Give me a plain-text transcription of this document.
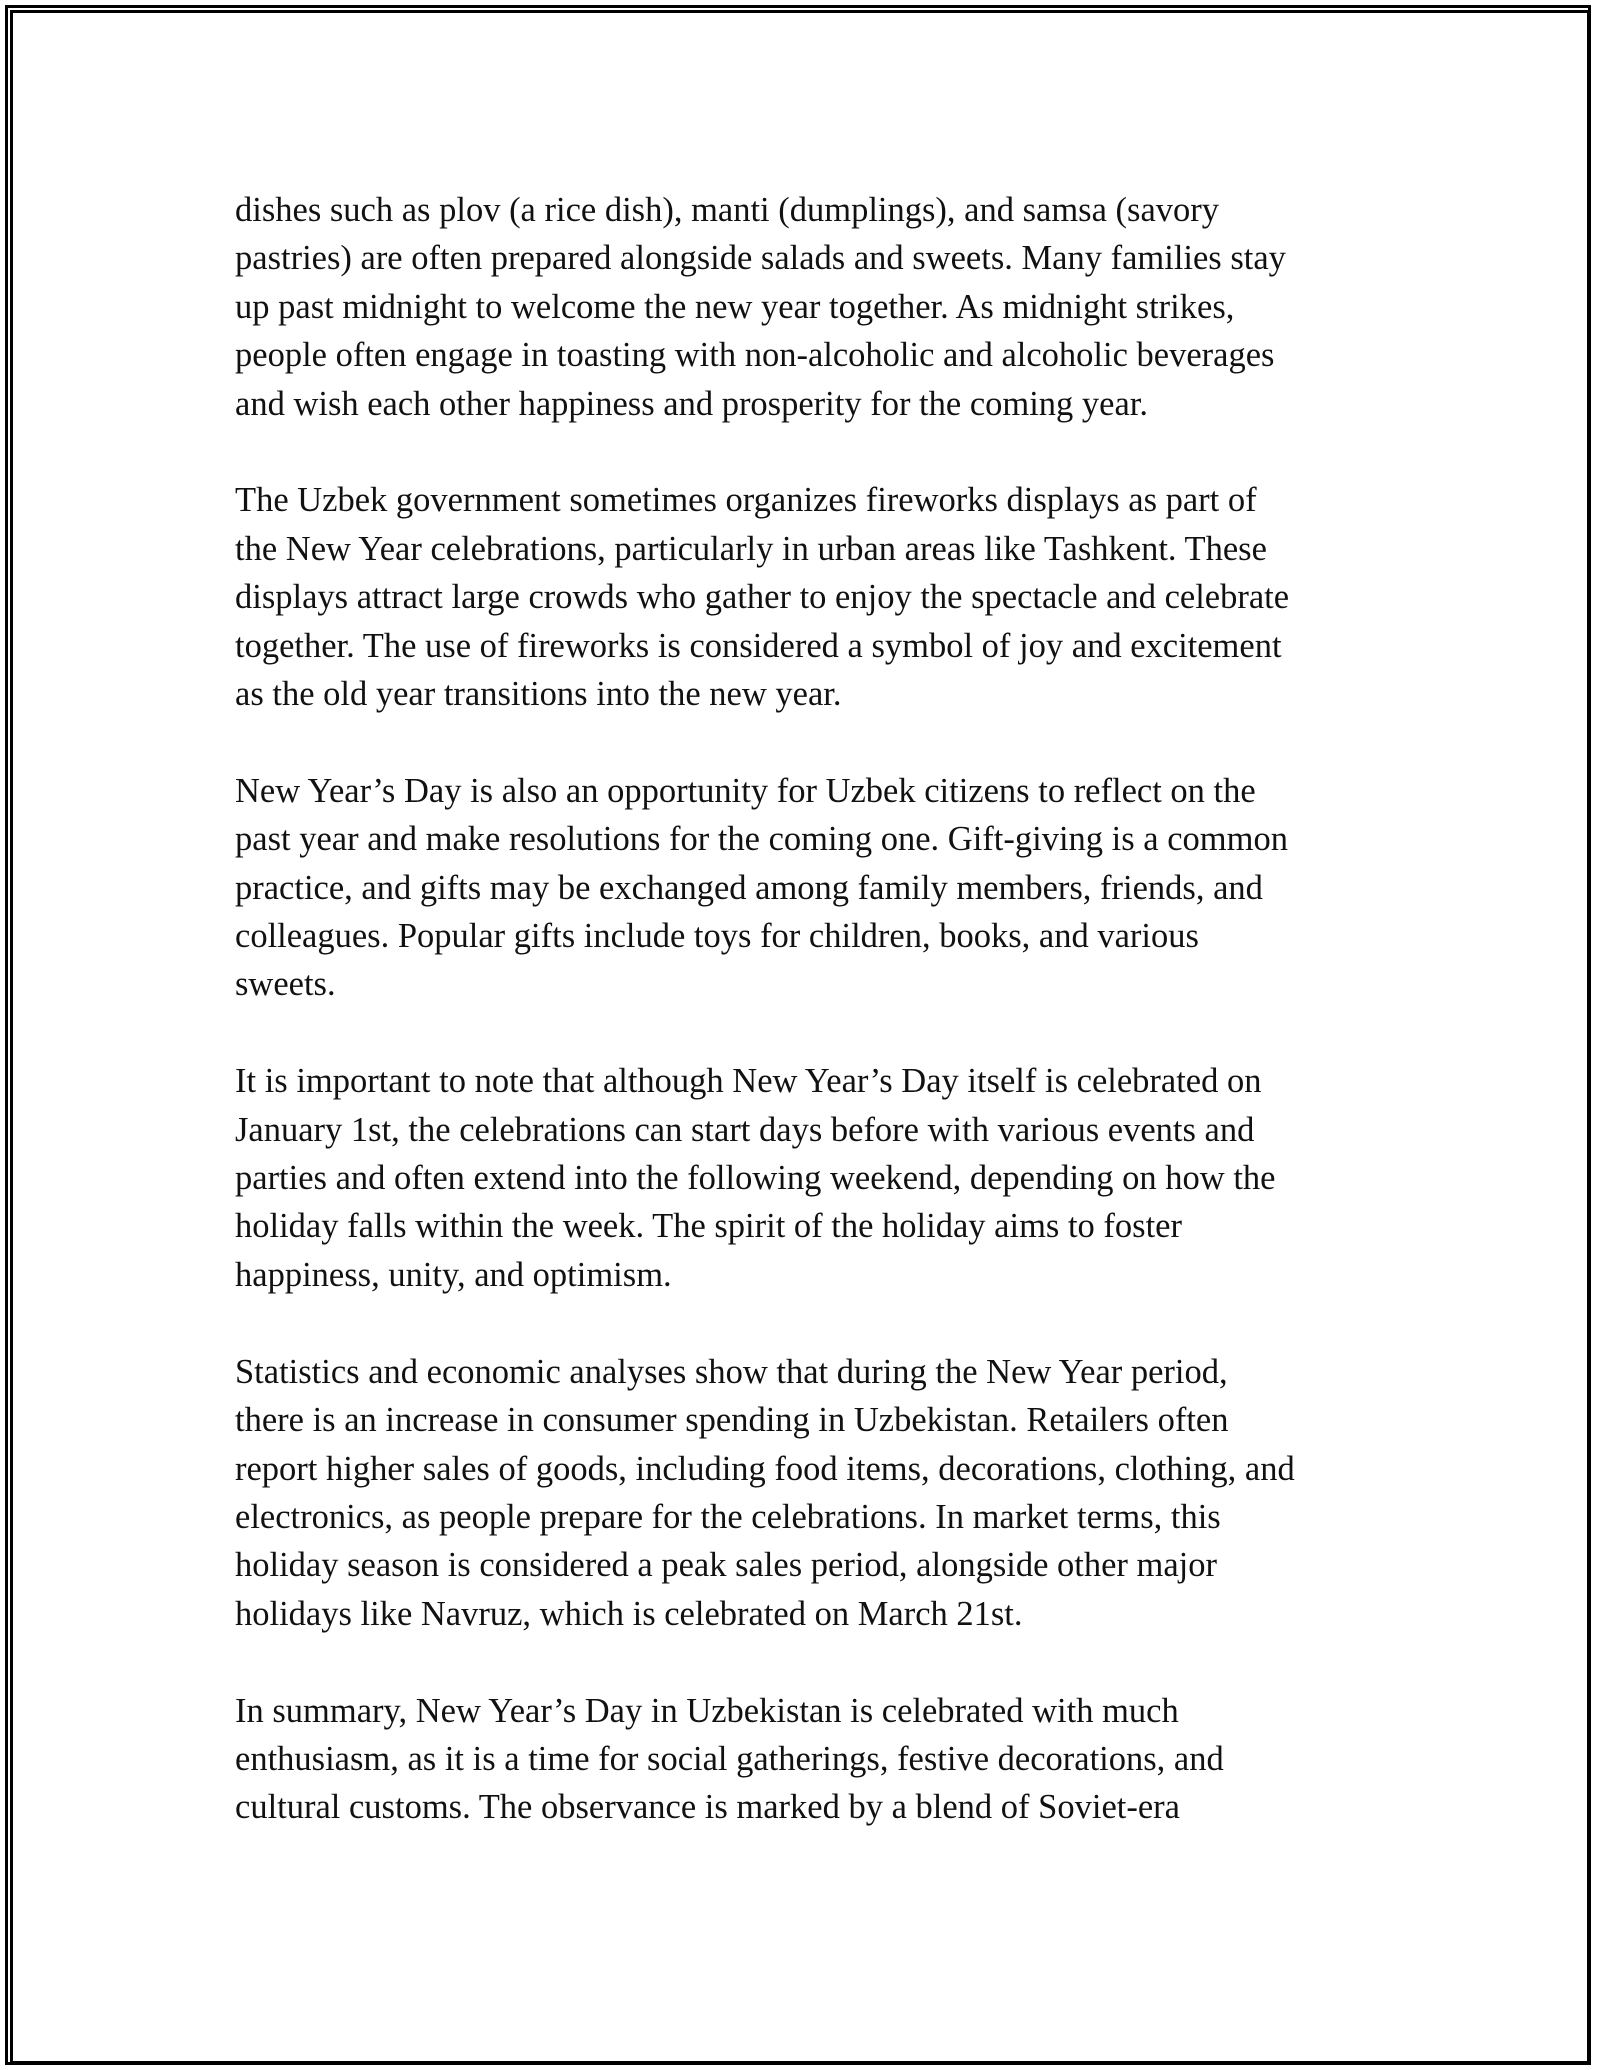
dishes such as plov (a rice dish), manti (dumplings), and samsa (savory
pastries) are often prepared alongside salads and sweets. Many families stay
up past midnight to welcome the new year together. As midnight strikes,
people often engage in toasting with non-alcoholic and alcoholic beverages
and wish each other happiness and prosperity for the coming year.

The Uzbek government sometimes organizes fireworks displays as part of
the New Year celebrations, particularly in urban areas like Tashkent. These
displays attract large crowds who gather to enjoy the spectacle and celebrate
together. The use of fireworks is considered a symbol of joy and excitement
as the old year transitions into the new year.

New Year’s Day is also an opportunity for Uzbek citizens to reflect on the
past year and make resolutions for the coming one. Gift-giving is a common
practice, and gifts may be exchanged among family members, friends, and
colleagues. Popular gifts include toys for children, books, and various
sweets.

It is important to note that although New Year’s Day itself is celebrated on
January 1st, the celebrations can start days before with various events and
parties and often extend into the following weekend, depending on how the
holiday falls within the week. The spirit of the holiday aims to foster
happiness, unity, and optimism.

Statistics and economic analyses show that during the New Year period,
there is an increase in consumer spending in Uzbekistan. Retailers often
report higher sales of goods, including food items, decorations, clothing, and
electronics, as people prepare for the celebrations. In market terms, this
holiday season is considered a peak sales period, alongside other major
holidays like Navruz, which is celebrated on March 21st.

In summary, New Year’s Day in Uzbekistan is celebrated with much
enthusiasm, as it is a time for social gatherings, festive decorations, and
cultural customs. The observance is marked by a blend of Soviet-era
